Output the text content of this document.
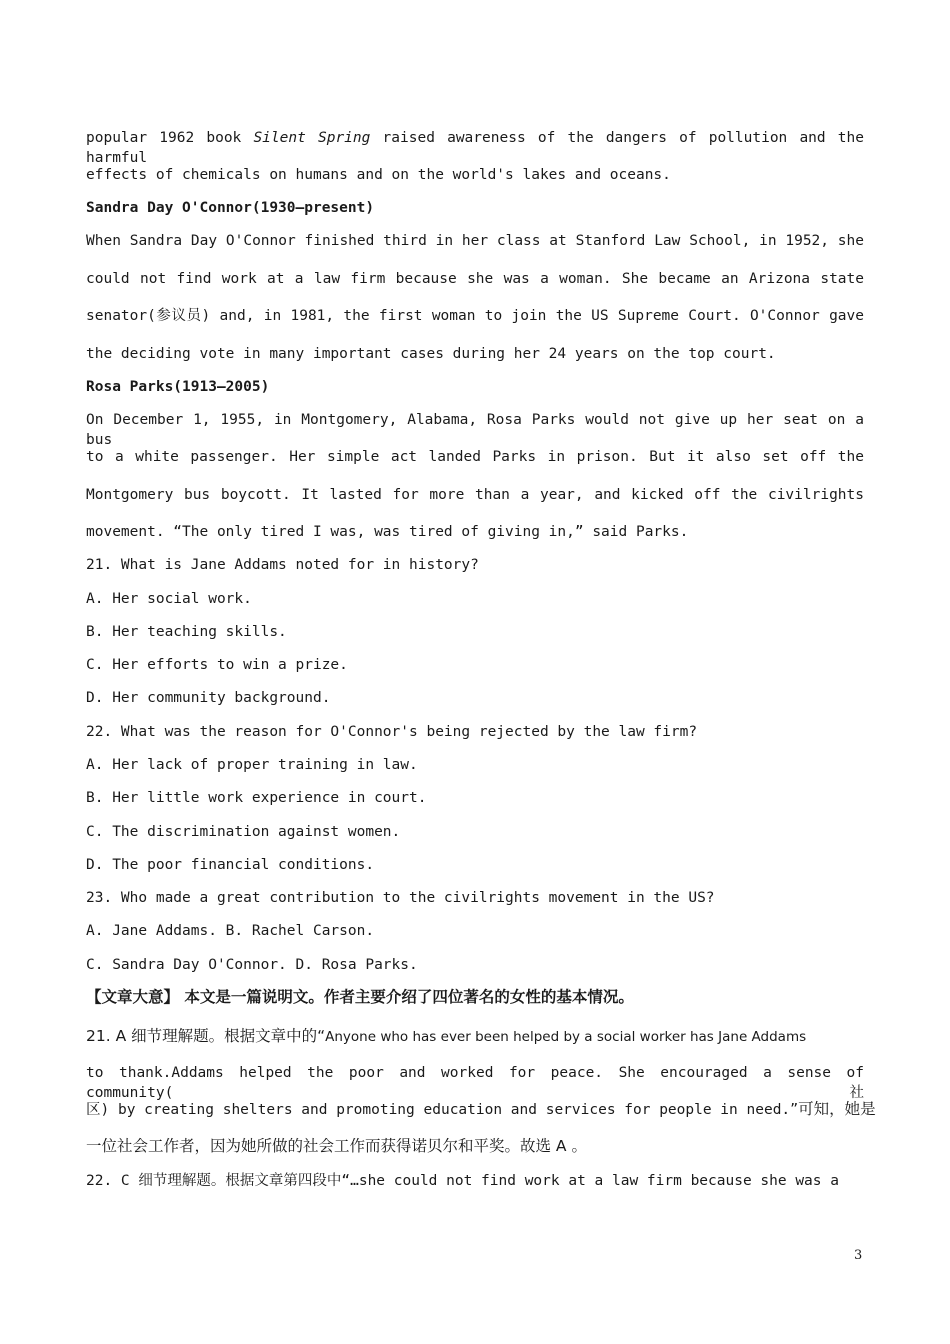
popular 1962 book Silent Spring raised awareness of the dangers of pollution and the harmful
effects of chemicals on humans and on the world's lakes and oceans.
Sandra Day O'Connor(1930—present)
When Sandra Day O'Connor finished third in her class at Stanford Law School, in 1952, she
could not find work at a law firm because she was a woman. She became an Arizona state
senator(参议员) and, in 1981, the first woman to join the US Supreme Court. O'Connor gave
the deciding vote in many important cases during her 24 years on the top court.
Rosa Parks(1913—2005)
On December 1, 1955, in Montgomery, Alabama, Rosa Parks would not give up her seat on a bus
to a white passenger. Her simple act landed Parks in prison. But it also set off the
Montgomery bus boycott. It lasted for more than a year, and kicked off the civilrights
movement. “The only tired I was, was tired of giving in,” said Parks.
21. What is Jane Addams noted for in history?
A. Her social work.
B. Her teaching skills.
C. Her efforts to win a prize.
D. Her community background.
22. What was the reason for O'Connor's being rejected by the law firm?
A. Her lack of proper training in law.
B. Her little work experience in court.
C. The discrimination against women.
D. The poor financial conditions.
23. Who made a great contribution to the civilrights movement in the US?
A. Jane Addams. B. Rachel Carson.
C. Sandra Day O'Connor. D. Rosa Parks.
【文章大意】 本文是一篇说明文。作者主要介绍了四位著名的女性的基本情况。
21. A 细节理解题。根据文章中的“Anyone who has ever been helped by a social worker has Jane Addams
to thank.Addams helped the poor and worked for peace. She encouraged a sense of community(社
区) by creating shelters and promoting education and services for people in need.”可知，她是
一位社会工作者，因为她所做的社会工作而获得诺贝尔和平奖。故选 A 。
22. C 细节理解题。根据文章第四段中“…she could not find work at a law firm because she was a
3
